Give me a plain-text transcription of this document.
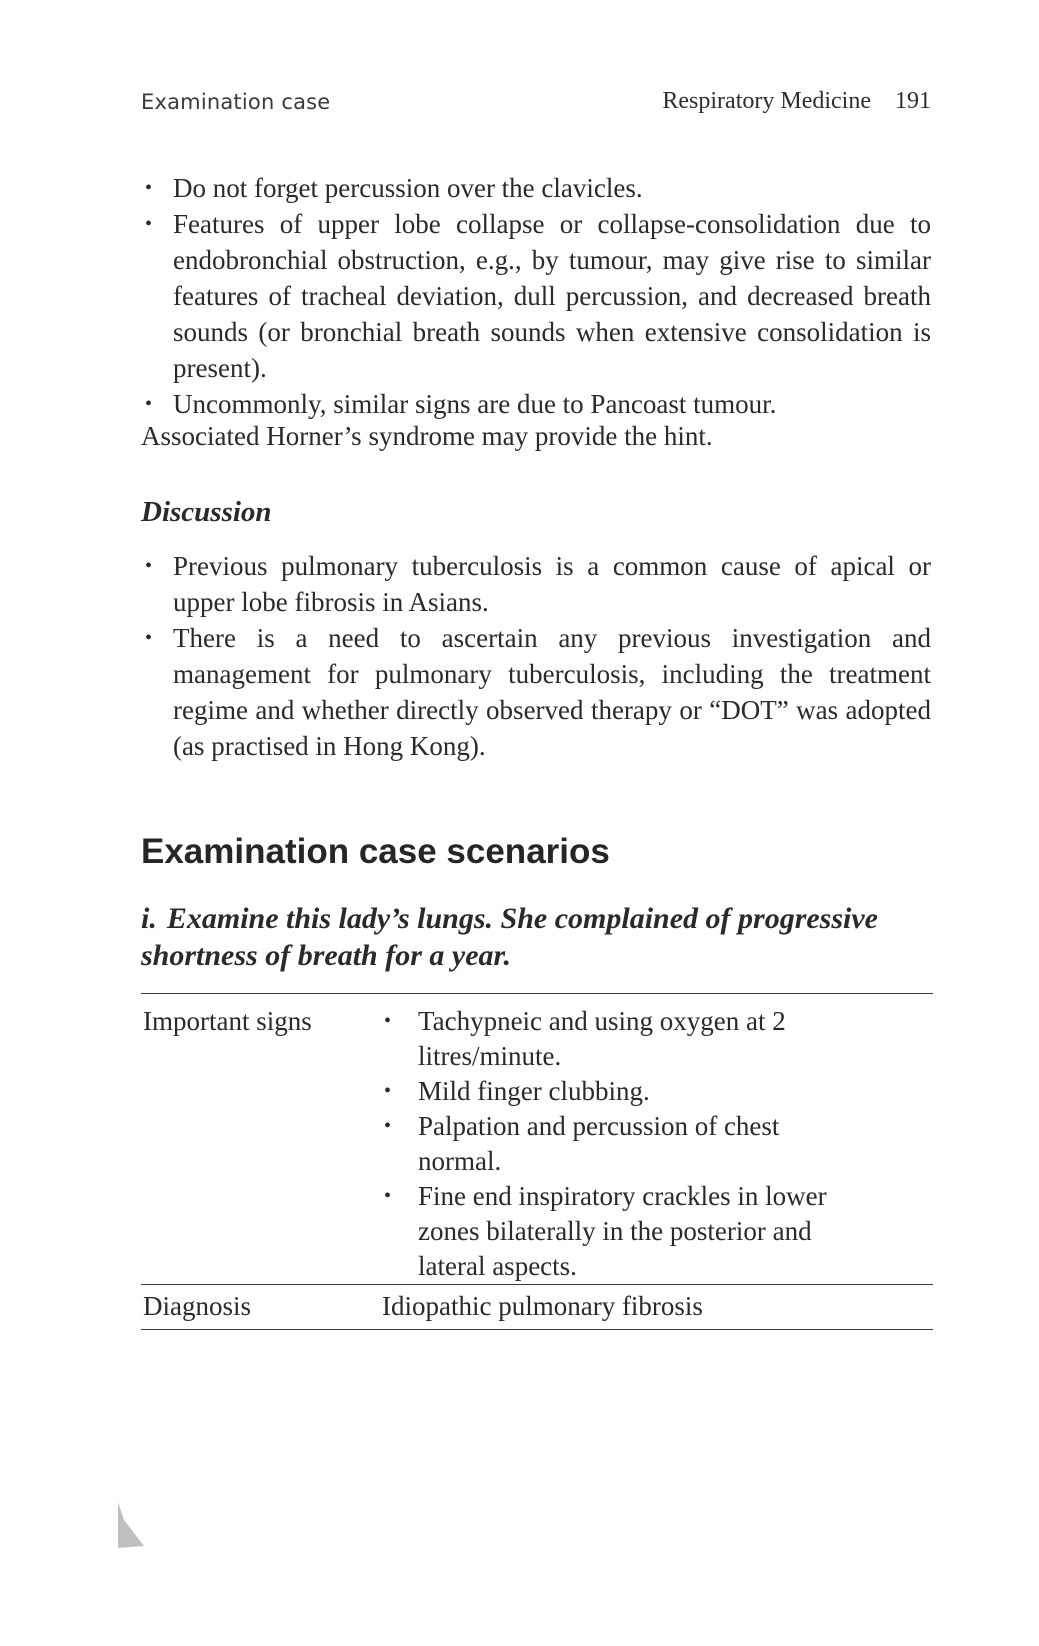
Examination case	Respiratory Medicine 191
• Do not forget percussion over the clavicles.
• Features of upper lobe collapse or collapse-consolidation due to endobronchial obstruction, e.g., by tumour, may give rise to similar features of tracheal deviation, dull percussion, and decreased breath sounds (or bronchial breath sounds when extensive consolidation is present).
• Uncommonly, similar signs are due to Pancoast tumour.
Associated Horner’s syndrome may provide the hint.
Discussion
• Previous pulmonary tuberculosis is a common cause of apical or upper lobe fibrosis in Asians.
• There is a need to ascertain any previous investigation and management for pulmonary tuberculosis, including the treatment regime and whether directly observed therapy or “DOT” was adopted (as practised in Hong Kong).
Examination case scenarios
i. Examine this lady’s lungs. She complained of progressive shortness of breath for a year.
Important signs	• Tachypneic and using oxygen at 2 litres/minute.
• Mild finger clubbing.
• Palpation and percussion of chest normal.
• Fine end inspiratory crackles in lower zones bilaterally in the posterior and lateral aspects.
Diagnosis	Idiopathic pulmonary fibrosis
